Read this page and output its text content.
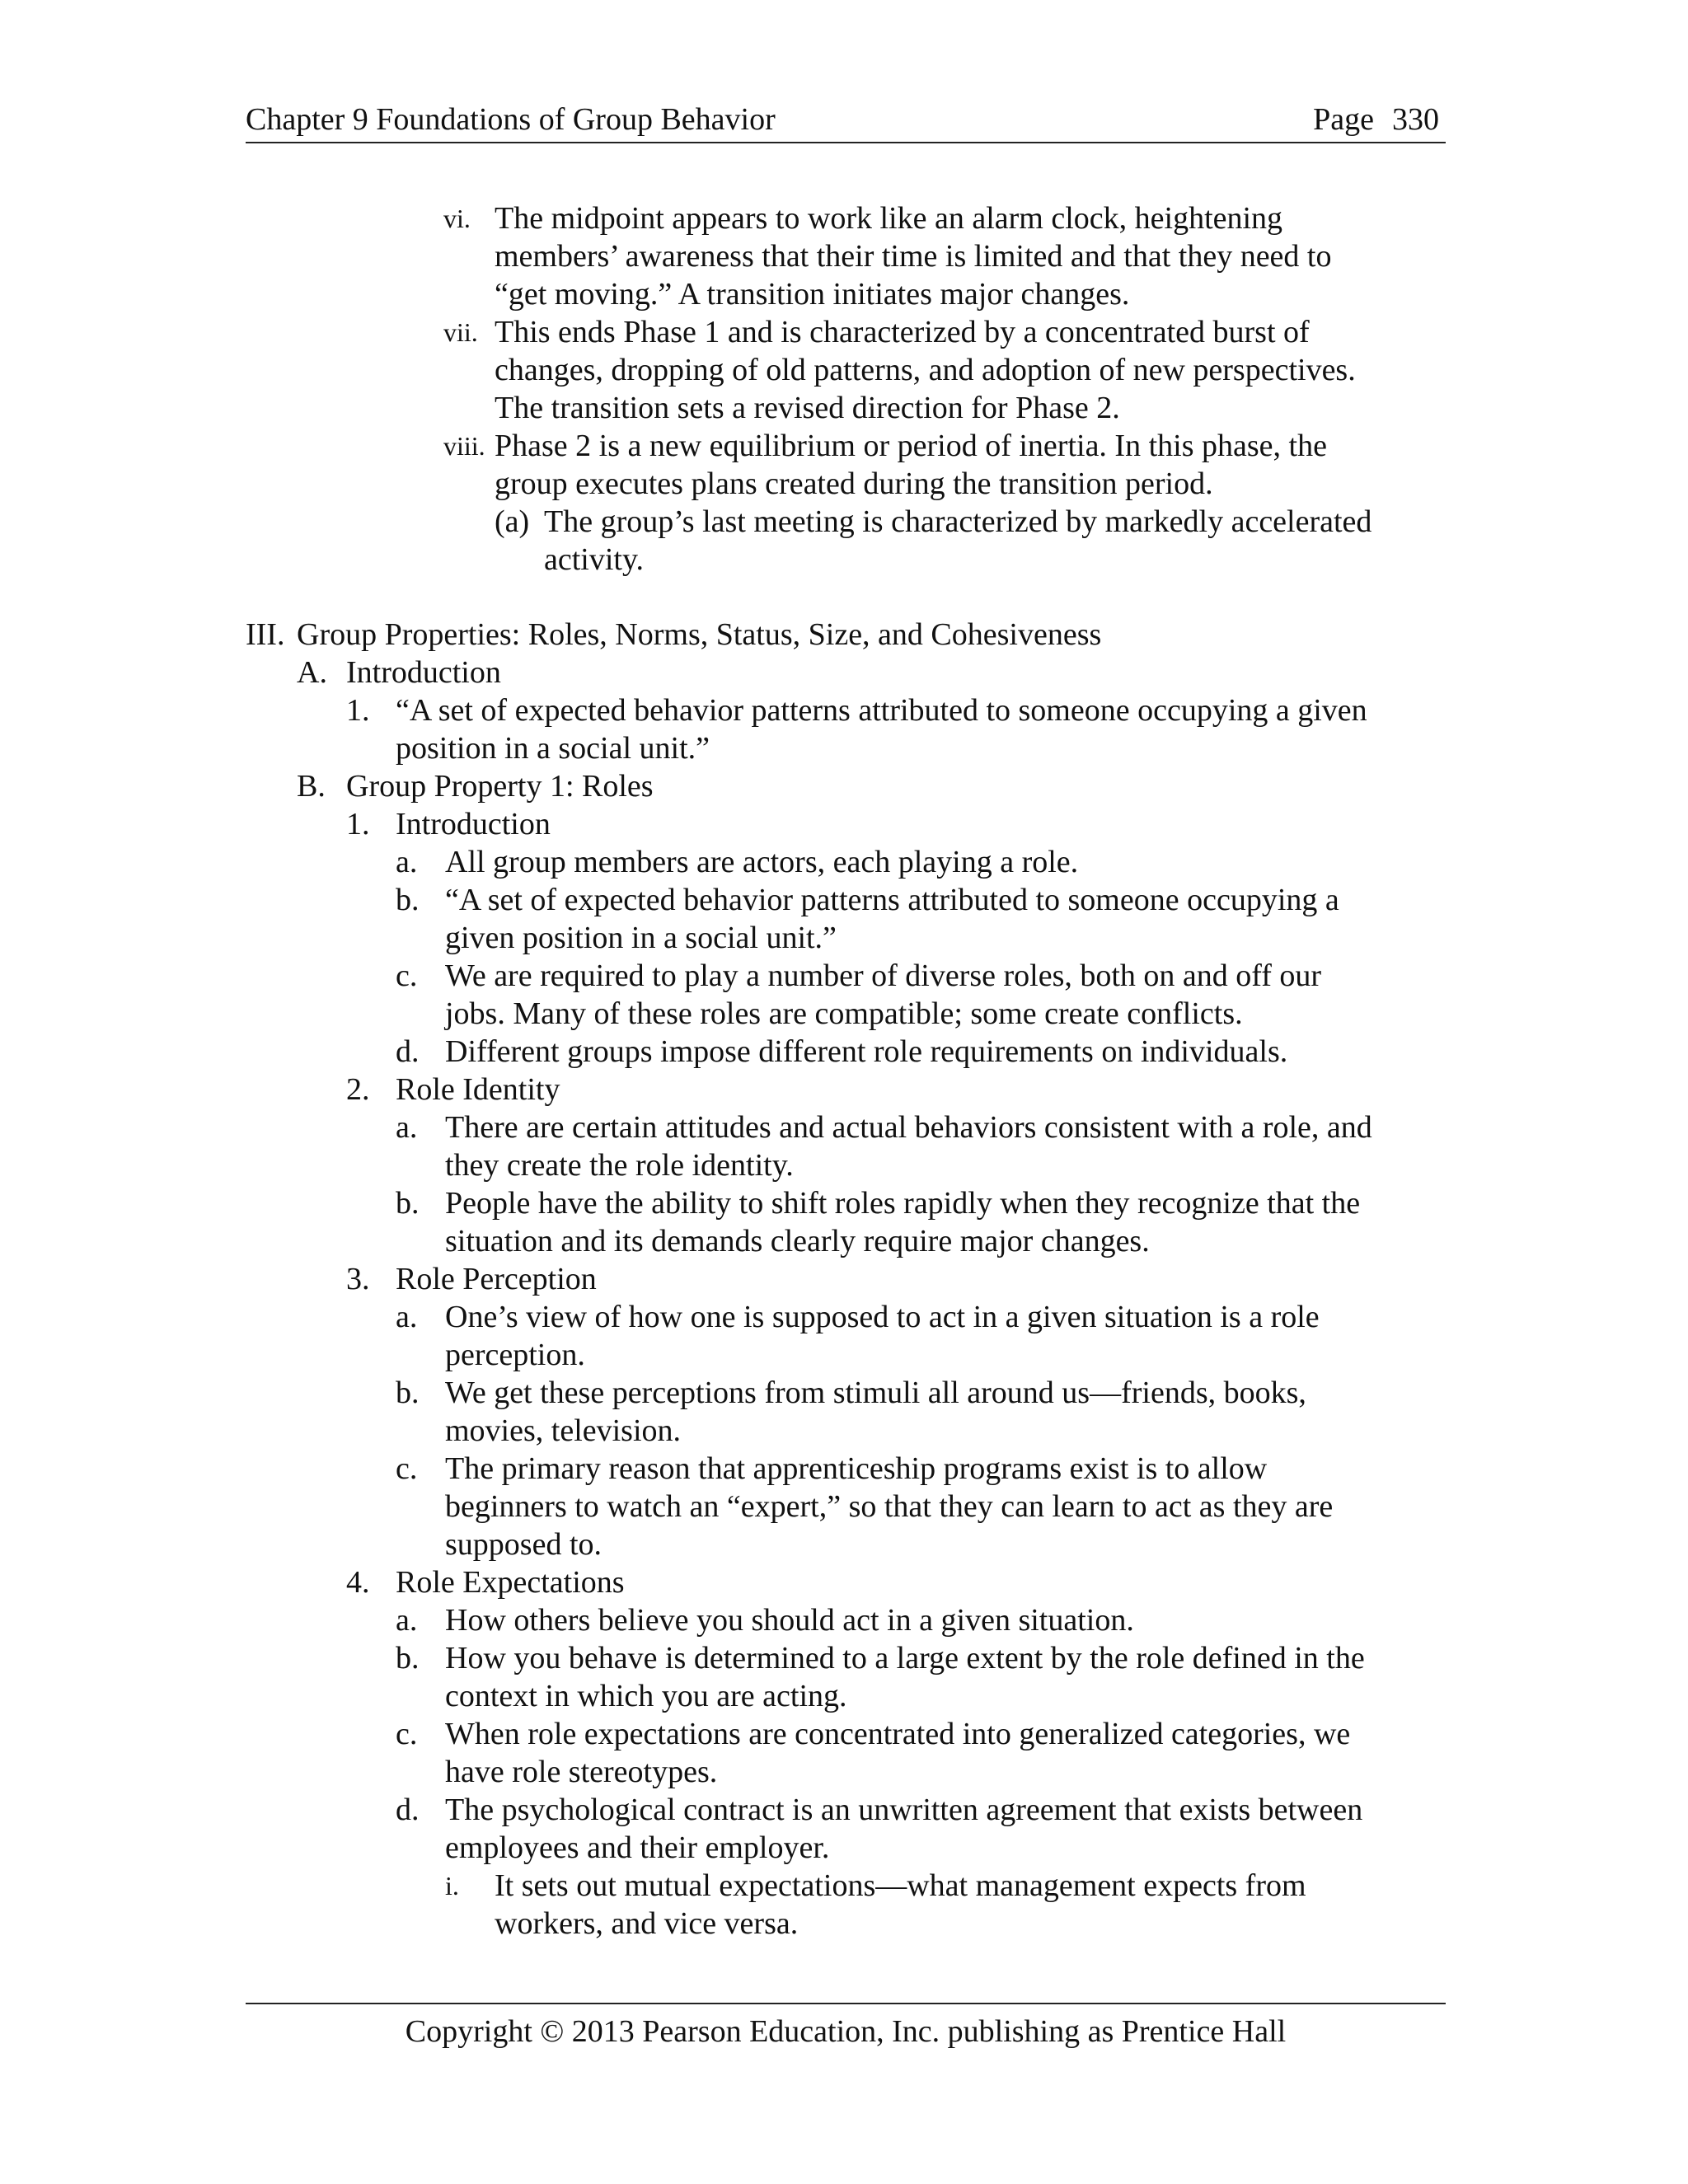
Chapter 9 Foundations of Group Behavior	Page 330
vi. The midpoint appears to work like an alarm clock, heightening
members’ awareness that their time is limited and that they need to
“get moving.” A transition initiates major changes.
vii. This ends Phase 1 and is characterized by a concentrated burst of
changes, dropping of old patterns, and adoption of new perspectives.
The transition sets a revised direction for Phase 2.
viii. Phase 2 is a new equilibrium or period of inertia. In this phase, the
group executes plans created during the transition period.
(a) The group’s last meeting is characterized by markedly accelerated
activity.
III. Group Properties: Roles, Norms, Status, Size, and Cohesiveness
A. Introduction
1. “A set of expected behavior patterns attributed to someone occupying a given
position in a social unit.”
B. Group Property 1: Roles
1. Introduction
a. All group members are actors, each playing a role.
b. “A set of expected behavior patterns attributed to someone occupying a
given position in a social unit.”
c. We are required to play a number of diverse roles, both on and off our
jobs. Many of these roles are compatible; some create conflicts.
d. Different groups impose different role requirements on individuals.
2. Role Identity
a. There are certain attitudes and actual behaviors consistent with a role, and
they create the role identity.
b. People have the ability to shift roles rapidly when they recognize that the
situation and its demands clearly require major changes.
3. Role Perception
a. One’s view of how one is supposed to act in a given situation is a role
perception.
b. We get these perceptions from stimuli all around us—friends, books,
movies, television.
c. The primary reason that apprenticeship programs exist is to allow
beginners to watch an “expert,” so that they can learn to act as they are
supposed to.
4. Role Expectations
a. How others believe you should act in a given situation.
b. How you behave is determined to a large extent by the role defined in the
context in which you are acting.
c. When role expectations are concentrated into generalized categories, we
have role stereotypes.
d. The psychological contract is an unwritten agreement that exists between
employees and their employer.
i. It sets out mutual expectations—what management expects from
workers, and vice versa.
Copyright © 2013 Pearson Education, Inc. publishing as Prentice Hall
